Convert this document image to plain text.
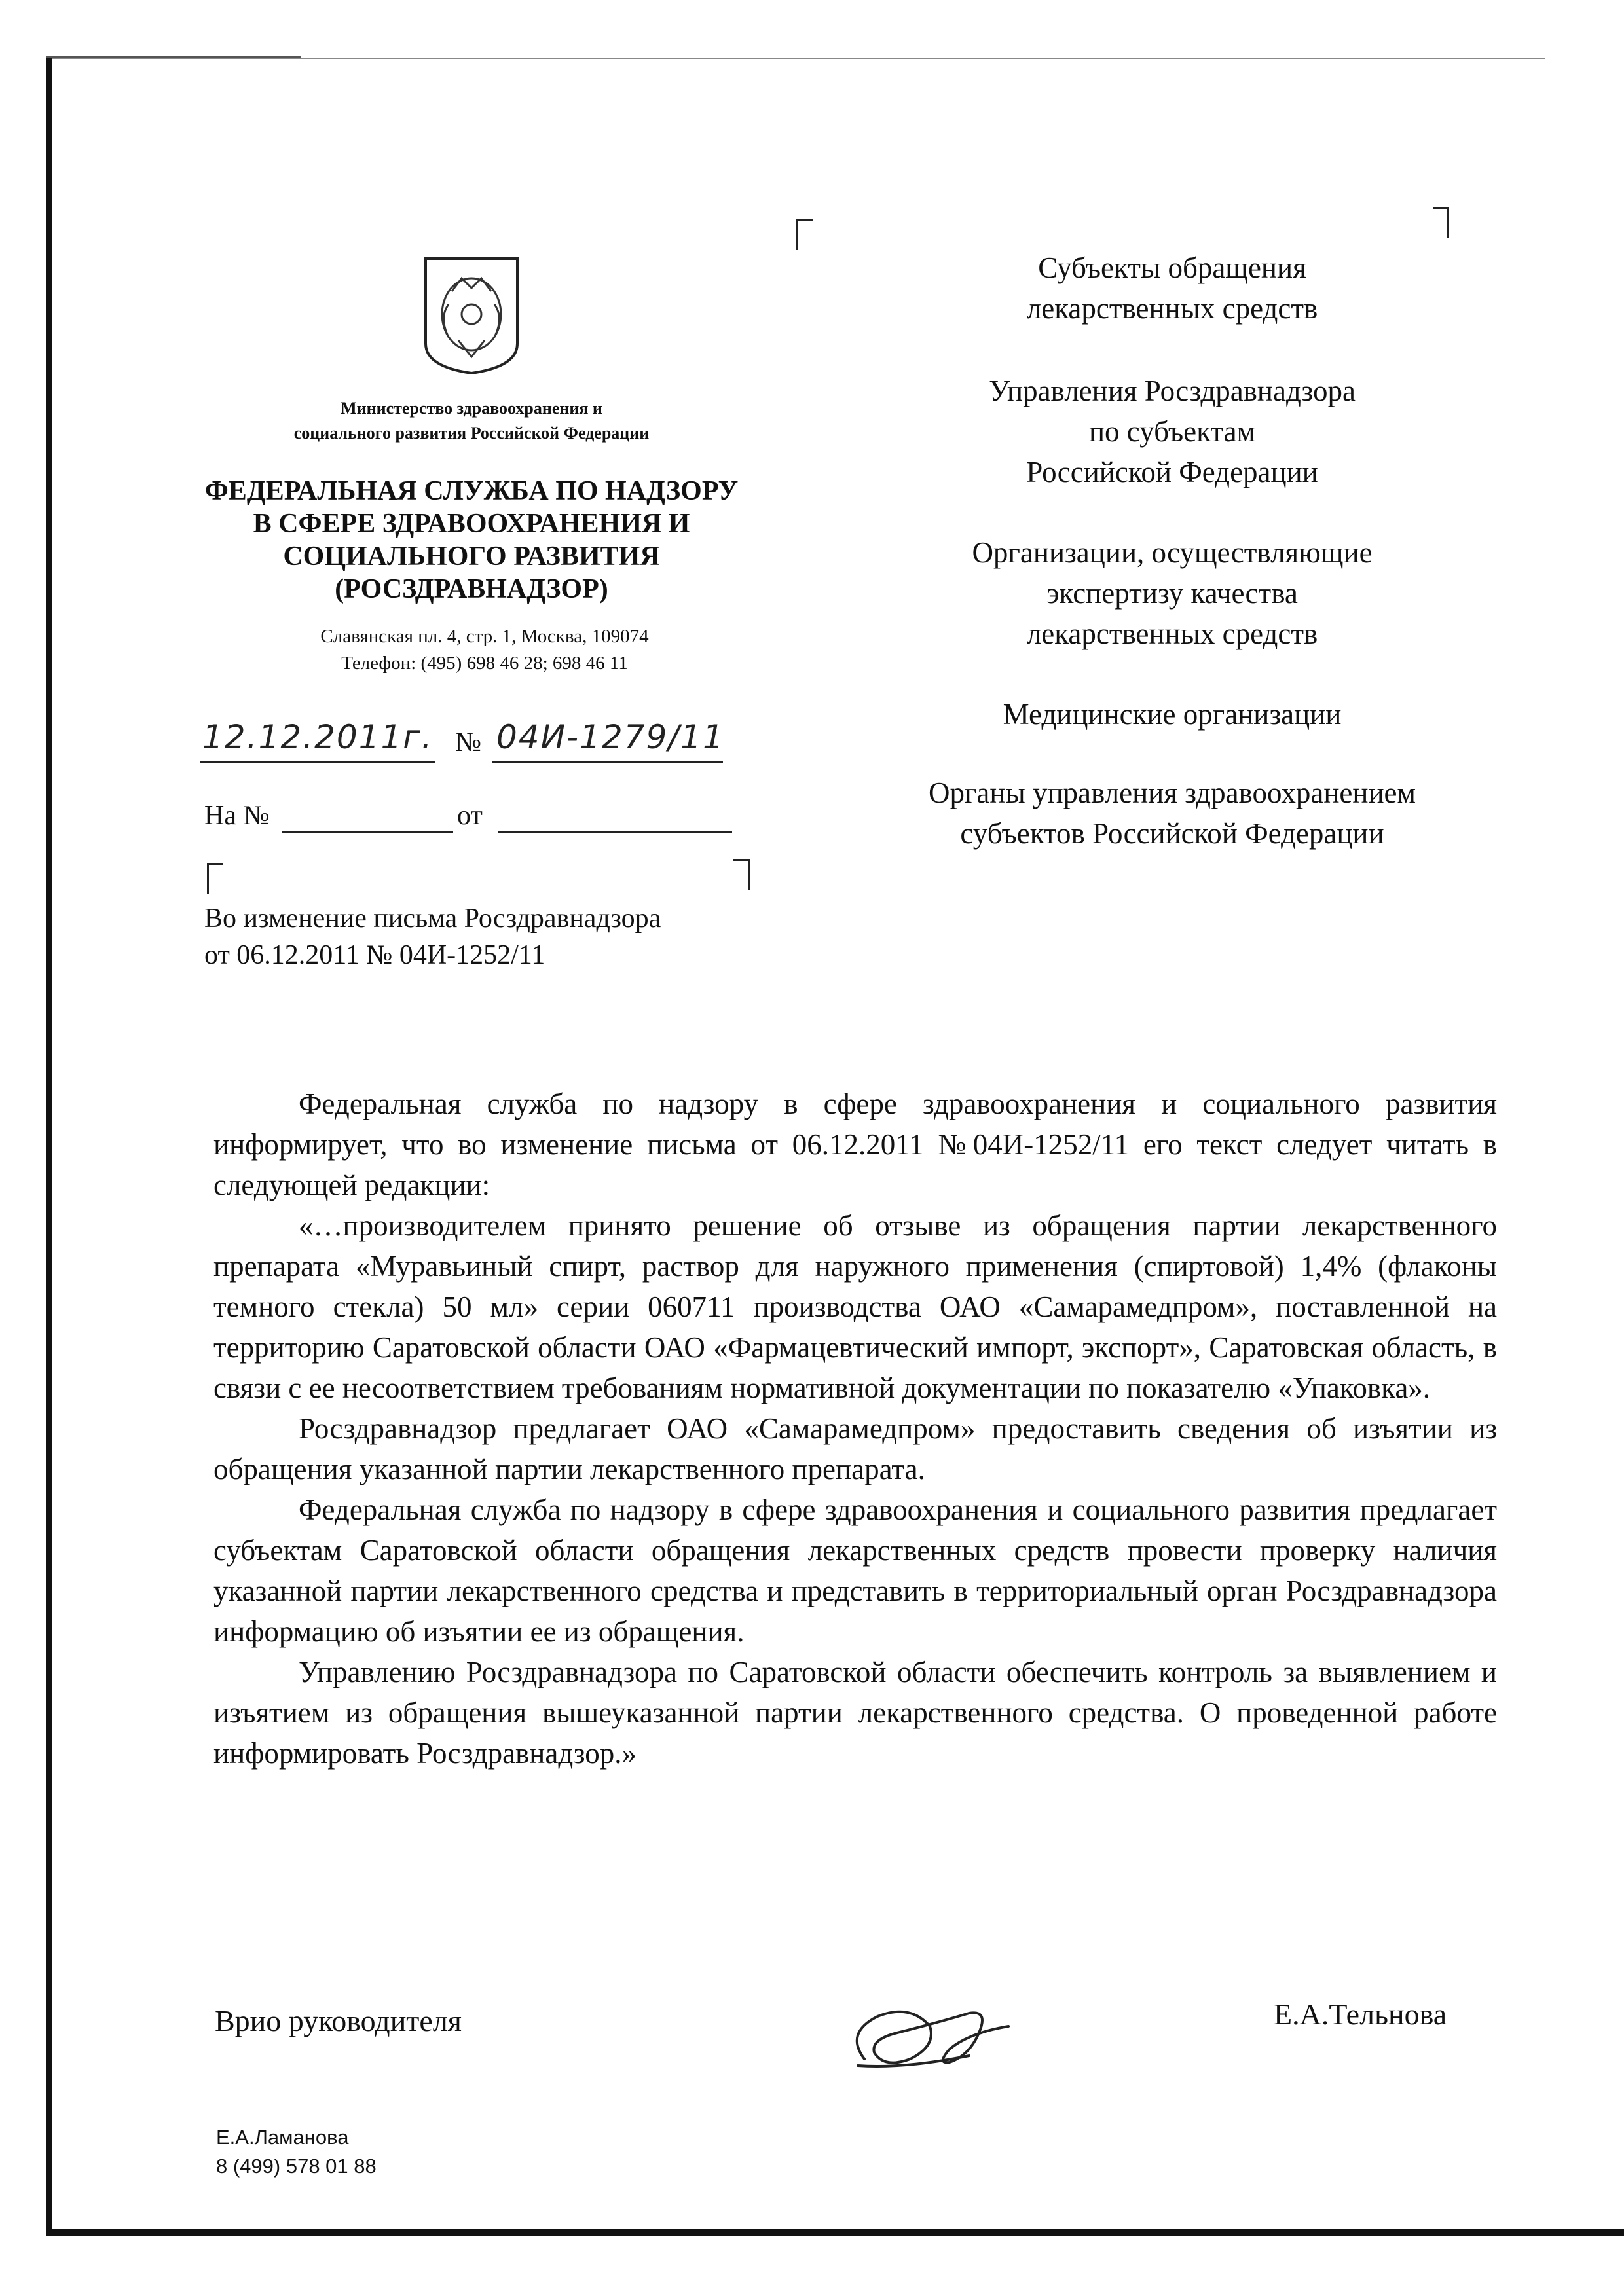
Министерство здравоохранения и
социального развития Российской Федерации
ФЕДЕРАЛЬНАЯ СЛУЖБА ПО НАДЗОРУ
В СФЕРЕ ЗДРАВООХРАНЕНИЯ И
СОЦИАЛЬНОГО РАЗВИТИЯ
(РОСЗДРАВНАДЗОР)
Славянская пл. 4, стр. 1, Москва, 109074
Телефон: (495) 698 46 28; 698 46 11
12.12.2011г. № 04И-1279/11
На №	от
Во изменение письма Росздравнадзора
от 06.12.2011 № 04И-1252/11
Субъекты обращения
лекарственных средств
Управления Росздравнадзора
по субъектам
Российской Федерации
Организации, осуществляющие
экспертизу качества
лекарственных средств
Медицинские организации
Органы управления здравоохранением
субъектов Российской Федерации

Федеральная служба по надзору в сфере здравоохранения и социального развития информирует, что во изменение письма от 06.12.2011 №04И-1252/11 его текст следует читать в следующей редакции:

«…производителем принято решение об отзыве из обращения партии лекарственного препарата «Муравьиный спирт, раствор для наружного применения (спиртовой) 1,4% (флаконы темного стекла) 50 мл» серии 060711 производства ОАО «Самарамедпром», поставленной на территорию Саратовской области ОАО «Фармацевтический импорт, экспорт», Саратовская область, в связи с ее несоответствием требованиям нормативной документации по показателю «Упаковка».

Росздравнадзор предлагает ОАО «Самарамедпром» предоставить сведения об изъятии из обращения указанной партии лекарственного препарата.

Федеральная служба по надзору в сфере здравоохранения и социального развития предлагает субъектам Саратовской области обращения лекарственных средств провести проверку наличия указанной партии лекарственного средства и представить в территориальный орган Росздравнадзора информацию об изъятии ее из обращения.

Управлению Росздравнадзора по Саратовской области обеспечить контроль за выявлением и изъятием из обращения вышеуказанной партии лекарственного средства. О проведенной работе информировать Росздравнадзор.»

Врио руководителя	Е.А.Тельнова
Е.А.Ламанова
8 (499) 578 01 88
